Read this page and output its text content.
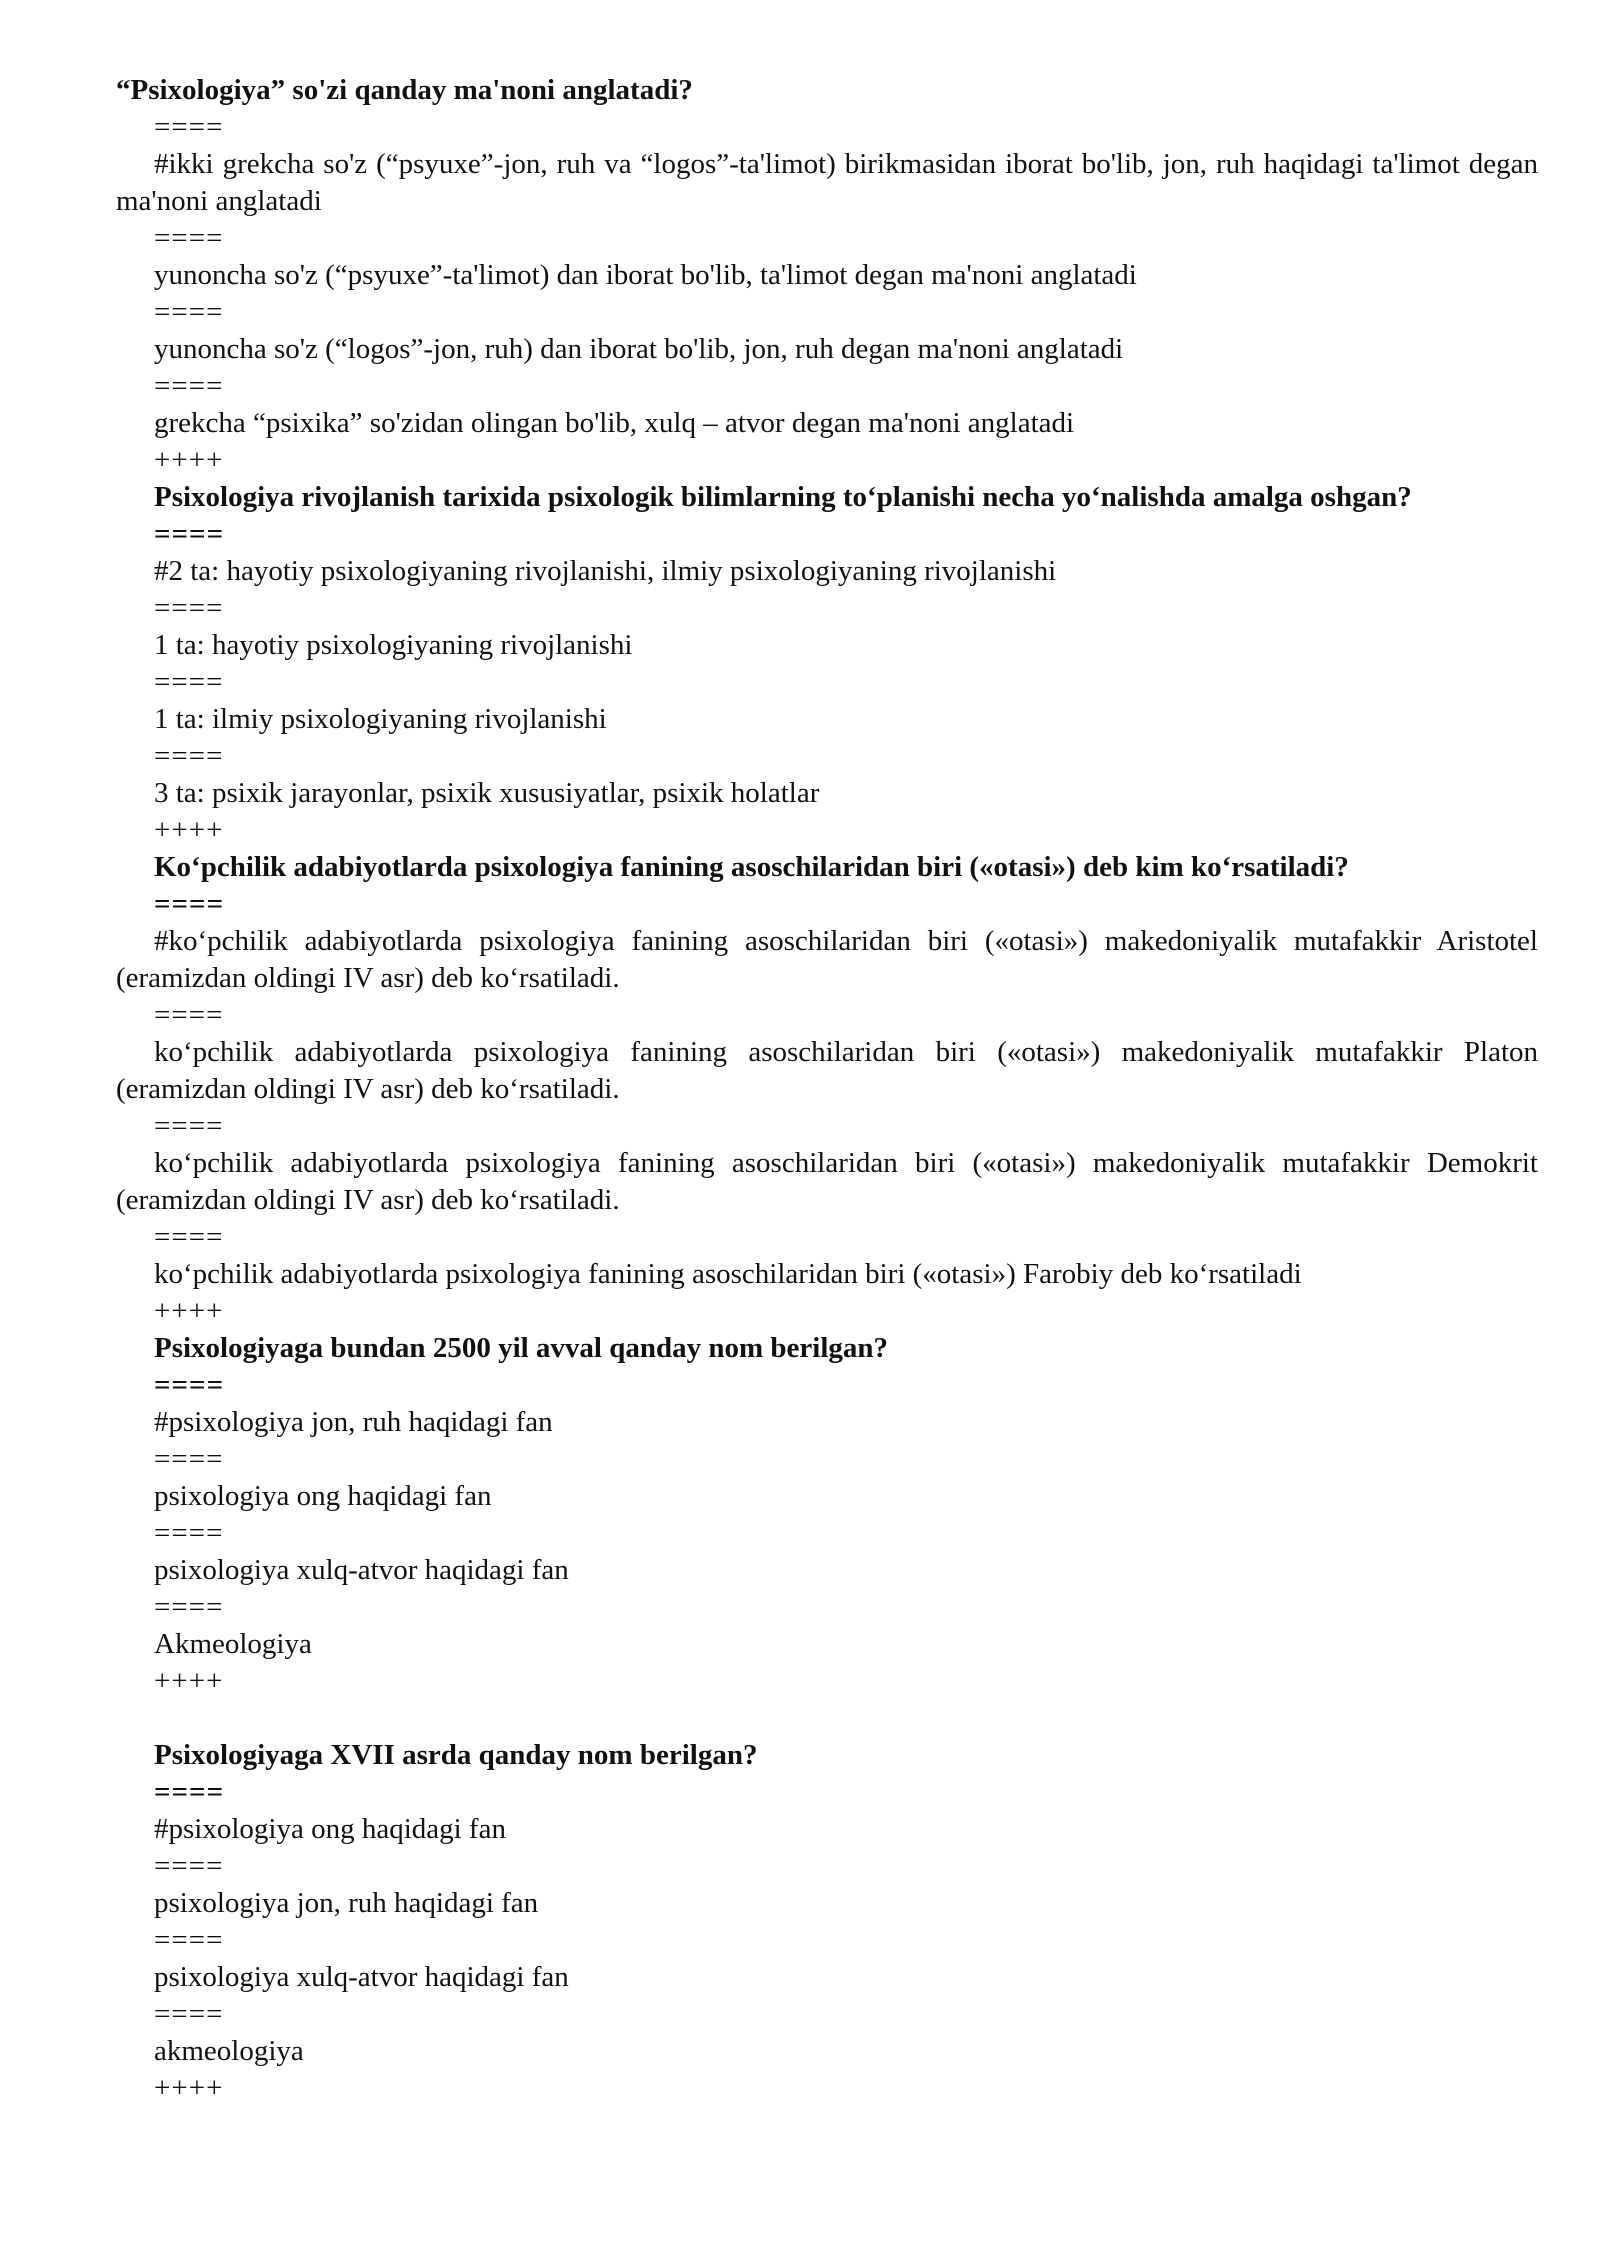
“Psixologiya” so'zi qanday ma'noni anglatadi?

====

#ikki grekcha so'z (“psyuxe”-jon, ruh va “logos”-ta'limot) birikmasidan iborat bo'lib, jon, ruh haqidagi ta'limot degan ma'noni anglatadi

====

yunoncha so'z (“psyuxe”-ta'limot) dan iborat bo'lib, ta'limot degan ma'noni anglatadi

====

yunoncha so'z (“logos”-jon, ruh) dan iborat bo'lib, jon, ruh degan ma'noni anglatadi

====

grekcha “psixika” so'zidan olingan bo'lib, xulq – atvor degan ma'noni anglatadi

++++

Psixologiya rivojlanish tarixida psixologik bilimlarning to‘planishi necha yo‘nalishda amalga oshgan?

====

#2 ta: hayotiy psixologiyaning rivojlanishi, ilmiy psixologiyaning rivojlanishi

====

1 ta: hayotiy psixologiyaning rivojlanishi

====

1 ta: ilmiy psixologiyaning rivojlanishi

====

3 ta: psixik jarayonlar, psixik xususiyatlar, psixik holatlar

++++

Ko‘pchilik adabiyotlarda psixologiya fanining asoschilaridan biri («otasi») deb kim ko‘rsatiladi?

====

#ko‘pchilik adabiyotlarda psixologiya fanining asoschilaridan biri («otasi») makedoniyalik mutafakkir Aristotel (eramizdan oldingi IV asr) deb ko‘rsatiladi.

====

ko‘pchilik adabiyotlarda psixologiya fanining asoschilaridan biri («otasi») makedoniyalik mutafakkir Platon (eramizdan oldingi IV asr) deb ko‘rsatiladi.

====

ko‘pchilik adabiyotlarda psixologiya fanining asoschilaridan biri («otasi») makedoniyalik mutafakkir Demokrit (eramizdan oldingi IV asr) deb ko‘rsatiladi.

====

ko‘pchilik adabiyotlarda psixologiya fanining asoschilaridan biri («otasi») Farobiy deb ko‘rsatiladi

++++

Psixologiyaga bundan 2500 yil avval qanday nom berilgan?

====

#psixologiya jon, ruh haqidagi fan

====

psixologiya ong haqidagi fan

====

psixologiya xulq-atvor haqidagi fan

====

Akmeologiya

++++

Psixologiyaga XVII asrda qanday nom berilgan?

====

#psixologiya ong haqidagi fan

====

psixologiya jon, ruh haqidagi fan

====

psixologiya xulq-atvor haqidagi fan

====

akmeologiya

++++
